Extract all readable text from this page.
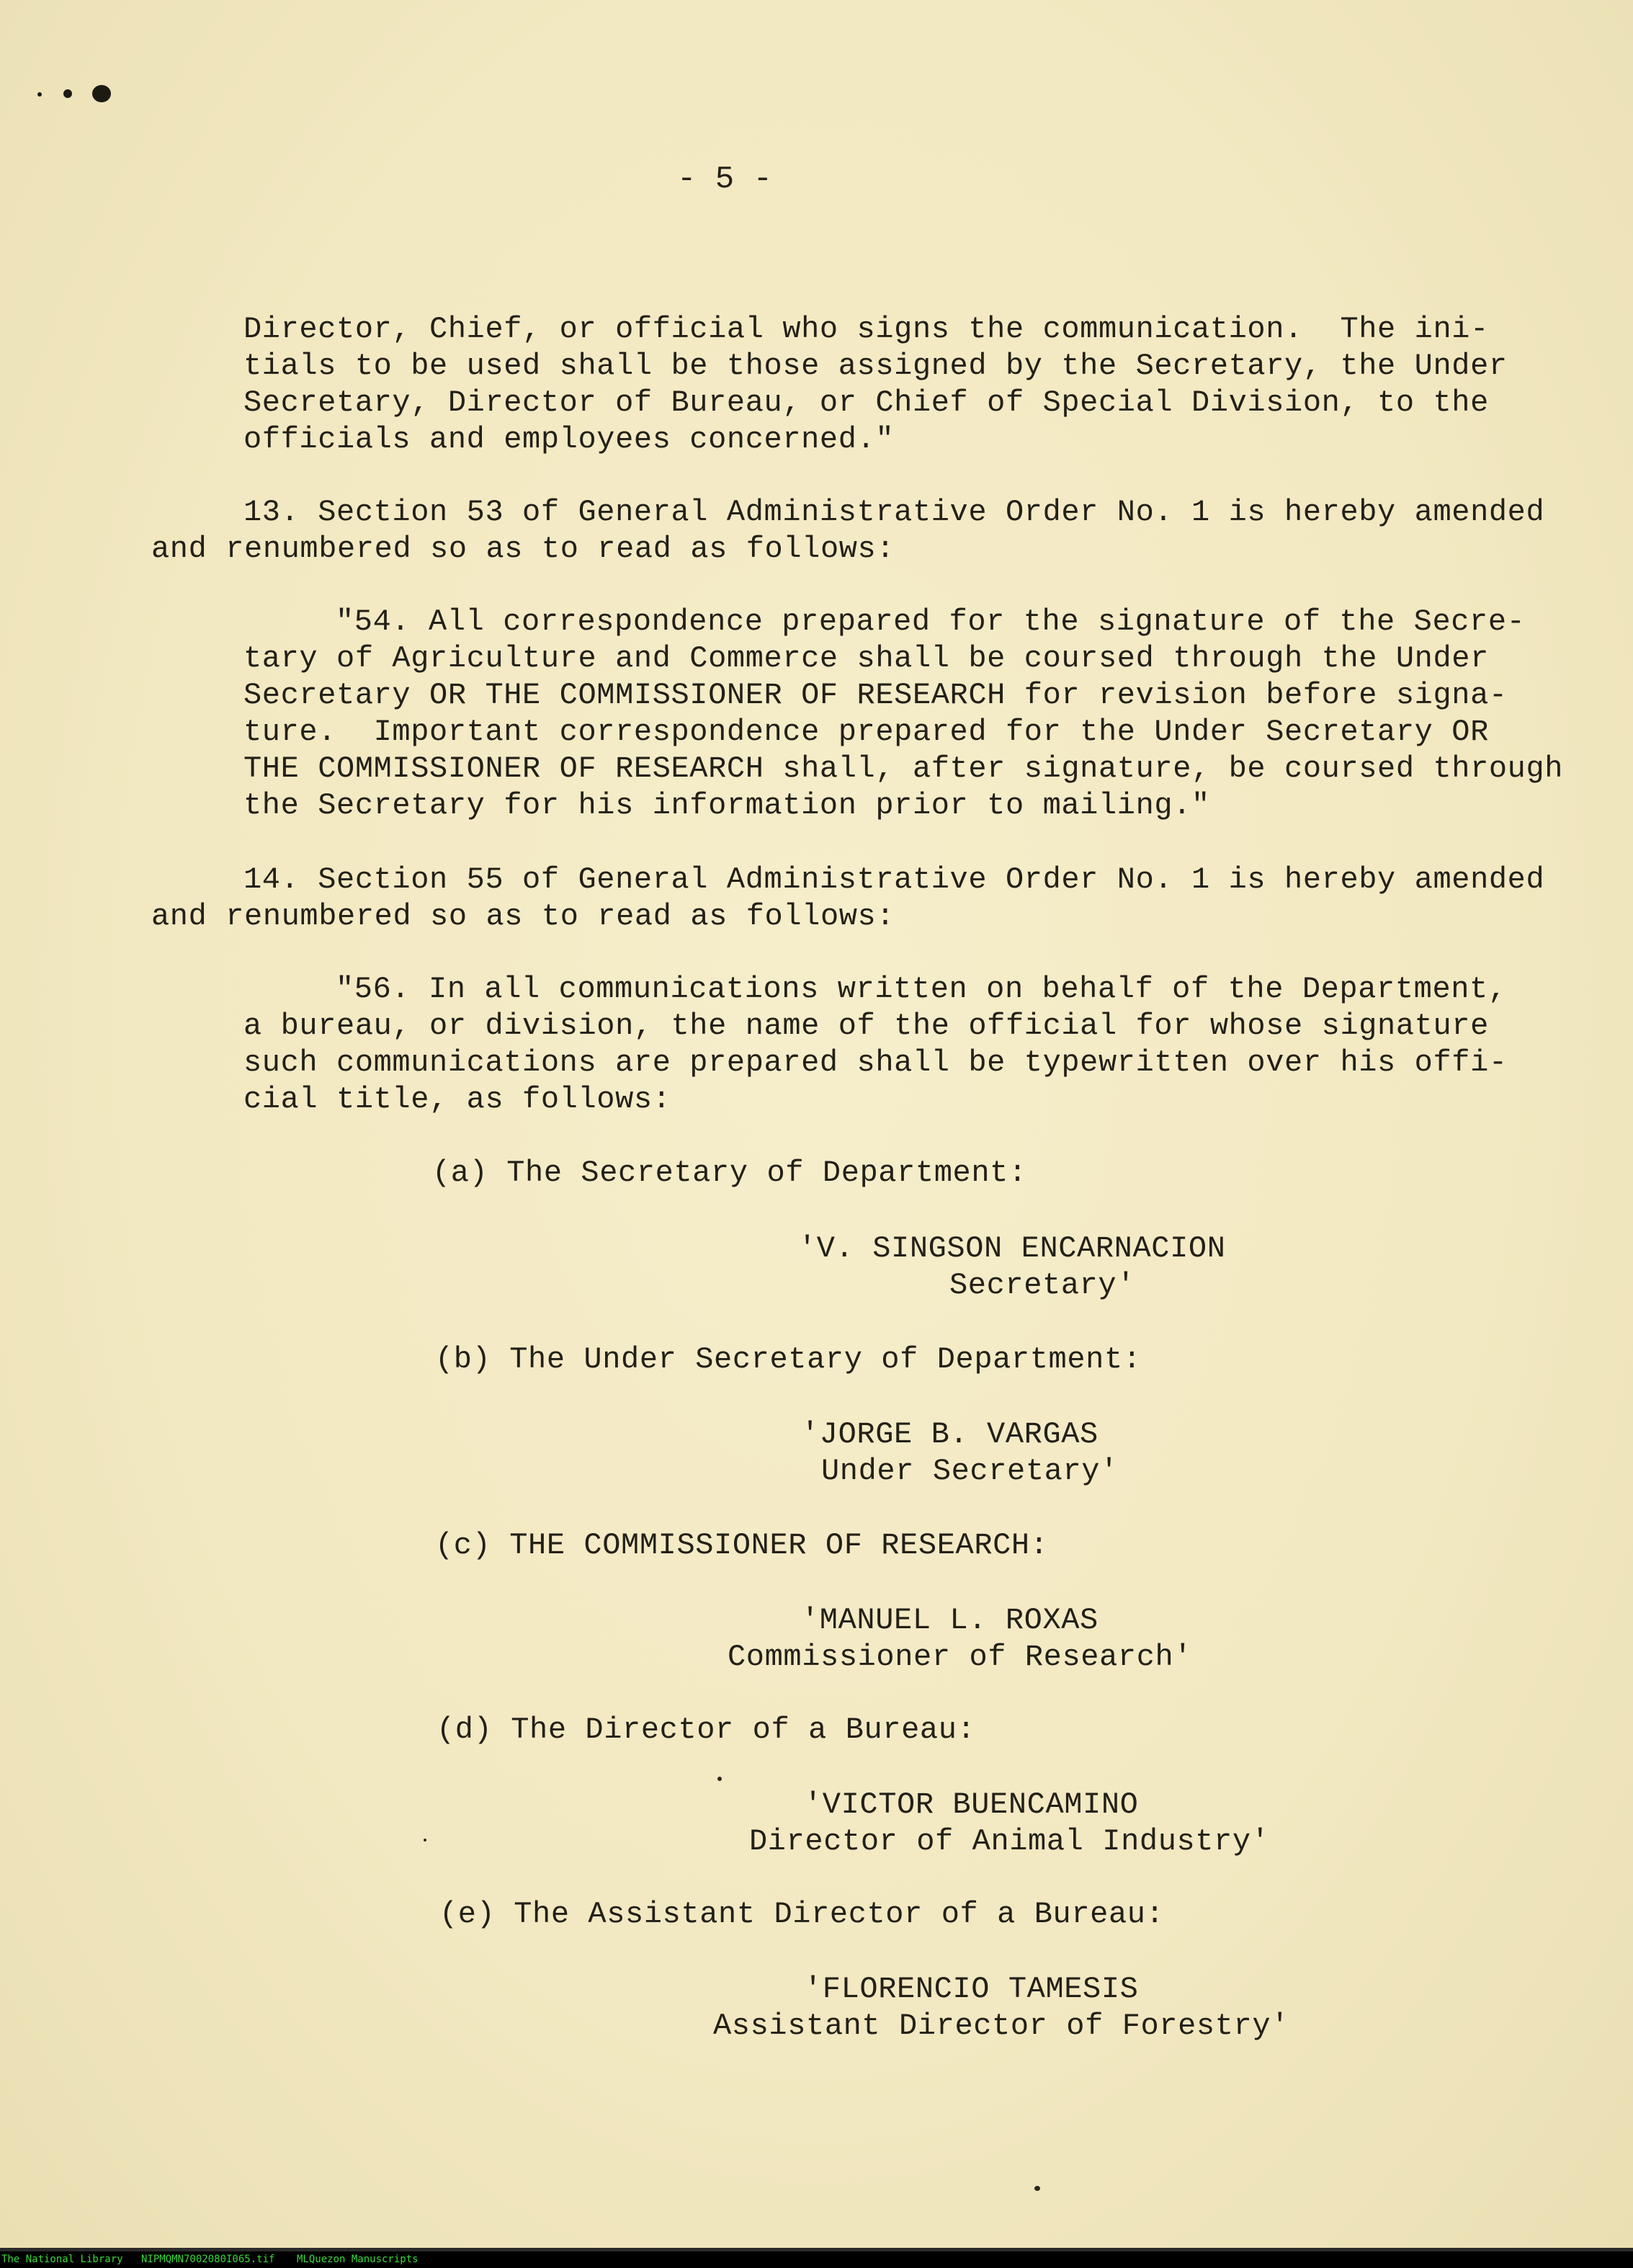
- 5 -
Director, Chief, or official who signs the communication.  The ini-
tials to be used shall be those assigned by the Secretary, the Under
Secretary, Director of Bureau, or Chief of Special Division, to the
officials and employees concerned."
13. Section 53 of General Administrative Order No. 1 is hereby amended
and renumbered so as to read as follows:
"54. All correspondence prepared for the signature of the Secre-
tary of Agriculture and Commerce shall be coursed through the Under
Secretary OR THE COMMISSIONER OF RESEARCH for revision before signa-
ture.  Important correspondence prepared for the Under Secretary OR
THE COMMISSIONER OF RESEARCH shall, after signature, be coursed through
the Secretary for his information prior to mailing."
14. Section 55 of General Administrative Order No. 1 is hereby amended
and renumbered so as to read as follows:
"56. In all communications written on behalf of the Department,
a bureau, or division, the name of the official for whose signature
such communications are prepared shall be typewritten over his offi-
cial title, as follows:
(a) The Secretary of Department:
'V. SINGSON ENCARNACION
Secretary'
(b) The Under Secretary of Department:
'JORGE B. VARGAS
Under Secretary'
(c) THE COMMISSIONER OF RESEARCH:
'MANUEL L. ROXAS
Commissioner of Research'
(d) The Director of a Bureau:
'VICTOR BUENCAMINO
Director of Animal Industry'
(e) The Assistant Director of a Bureau:
'FLORENCIO TAMESIS
Assistant Director of Forestry'
The National Library NIPMQMN7002080I065.tif MLQuezon Manuscripts
